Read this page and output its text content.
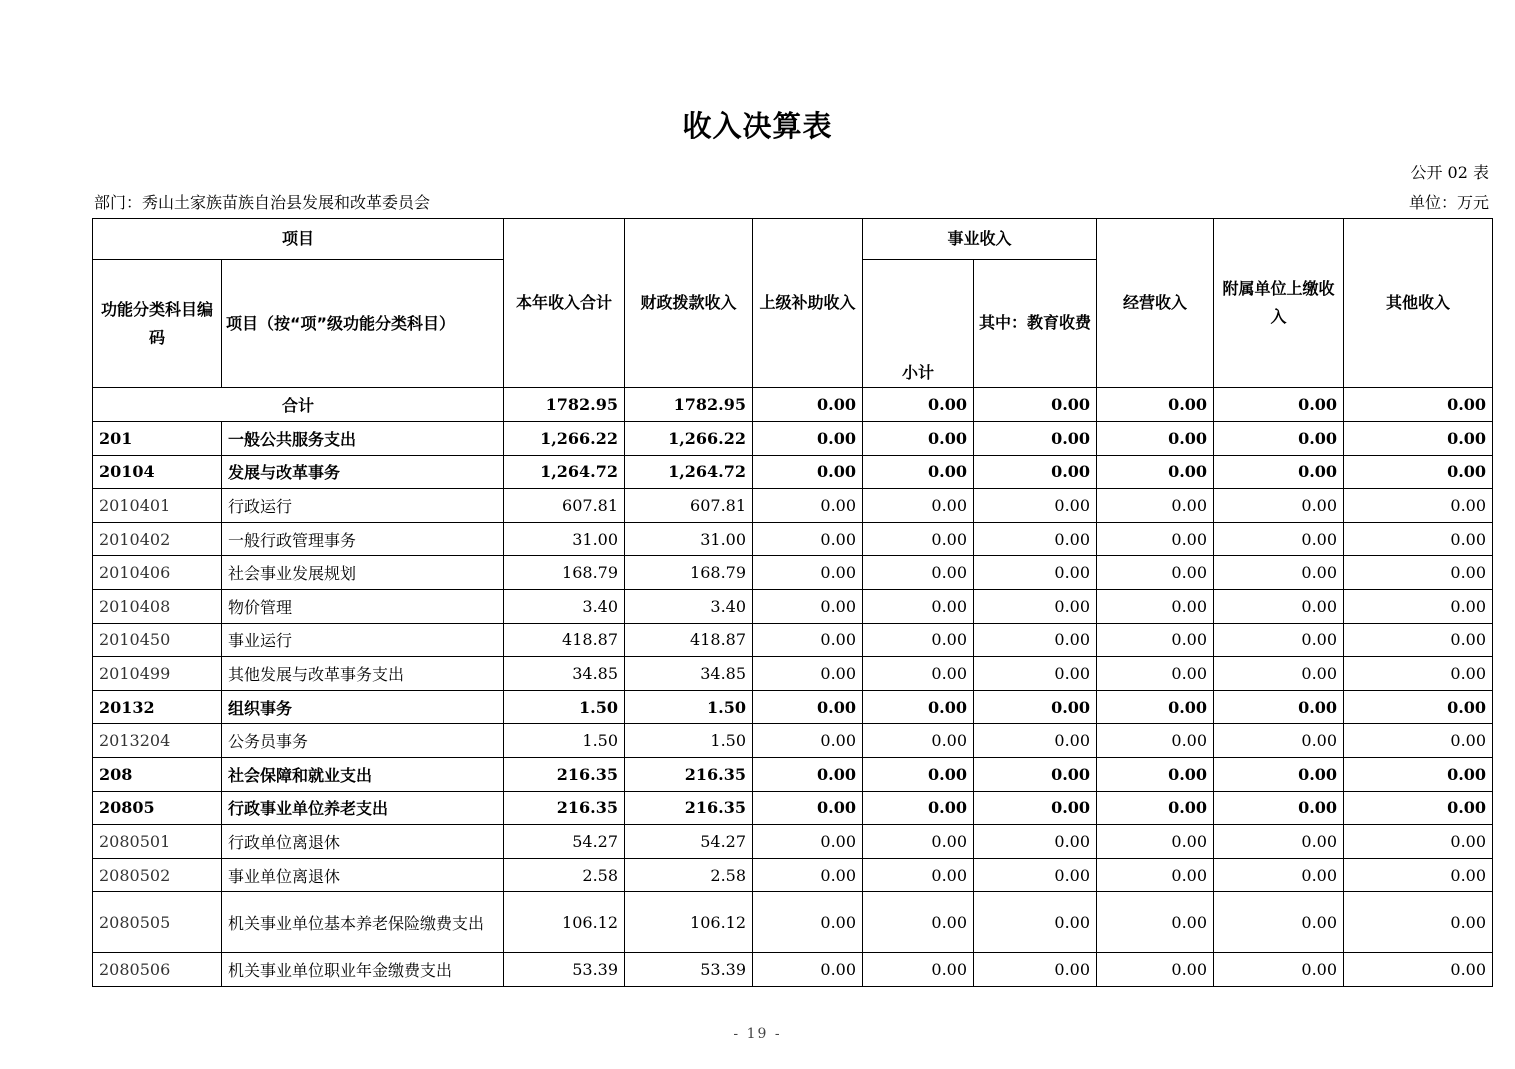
收入决算表
公开 02 表
部门：秀山土家族苗族自治县发展和改革委员会	单位：万元
项目		本年收入合计	财政拨款收入	上级补助收入	事业收入		经营收入	附属单位上缴收入	其他收入
功能分类科目编码	项目（按“项”级功能分类科目）				小计	其中：教育收费			
合计		1782.95	1782.95	0.00	0.00	0.00	0.00	0.00	0.00
201	一般公共服务支出	1,266.22	1,266.22	0.00	0.00	0.00	0.00	0.00	0.00
20104	发展与改革事务	1,264.72	1,264.72	0.00	0.00	0.00	0.00	0.00	0.00
2010401	行政运行	607.81	607.81	0.00	0.00	0.00	0.00	0.00	0.00
2010402	一般行政管理事务	31.00	31.00	0.00	0.00	0.00	0.00	0.00	0.00
2010406	社会事业发展规划	168.79	168.79	0.00	0.00	0.00	0.00	0.00	0.00
2010408	物价管理	3.40	3.40	0.00	0.00	0.00	0.00	0.00	0.00
2010450	事业运行	418.87	418.87	0.00	0.00	0.00	0.00	0.00	0.00
2010499	其他发展与改革事务支出	34.85	34.85	0.00	0.00	0.00	0.00	0.00	0.00
20132	组织事务	1.50	1.50	0.00	0.00	0.00	0.00	0.00	0.00
2013204	公务员事务	1.50	1.50	0.00	0.00	0.00	0.00	0.00	0.00
208	社会保障和就业支出	216.35	216.35	0.00	0.00	0.00	0.00	0.00	0.00
20805	行政事业单位养老支出	216.35	216.35	0.00	0.00	0.00	0.00	0.00	0.00
2080501	行政单位离退休	54.27	54.27	0.00	0.00	0.00	0.00	0.00	0.00
2080502	事业单位离退休	2.58	2.58	0.00	0.00	0.00	0.00	0.00	0.00
2080505	机关事业单位基本养老保险缴费支出	106.12	106.12	0.00	0.00	0.00	0.00	0.00	0.00
2080506	机关事业单位职业年金缴费支出	53.39	53.39	0.00	0.00	0.00	0.00	0.00	0.00
- 19 -
